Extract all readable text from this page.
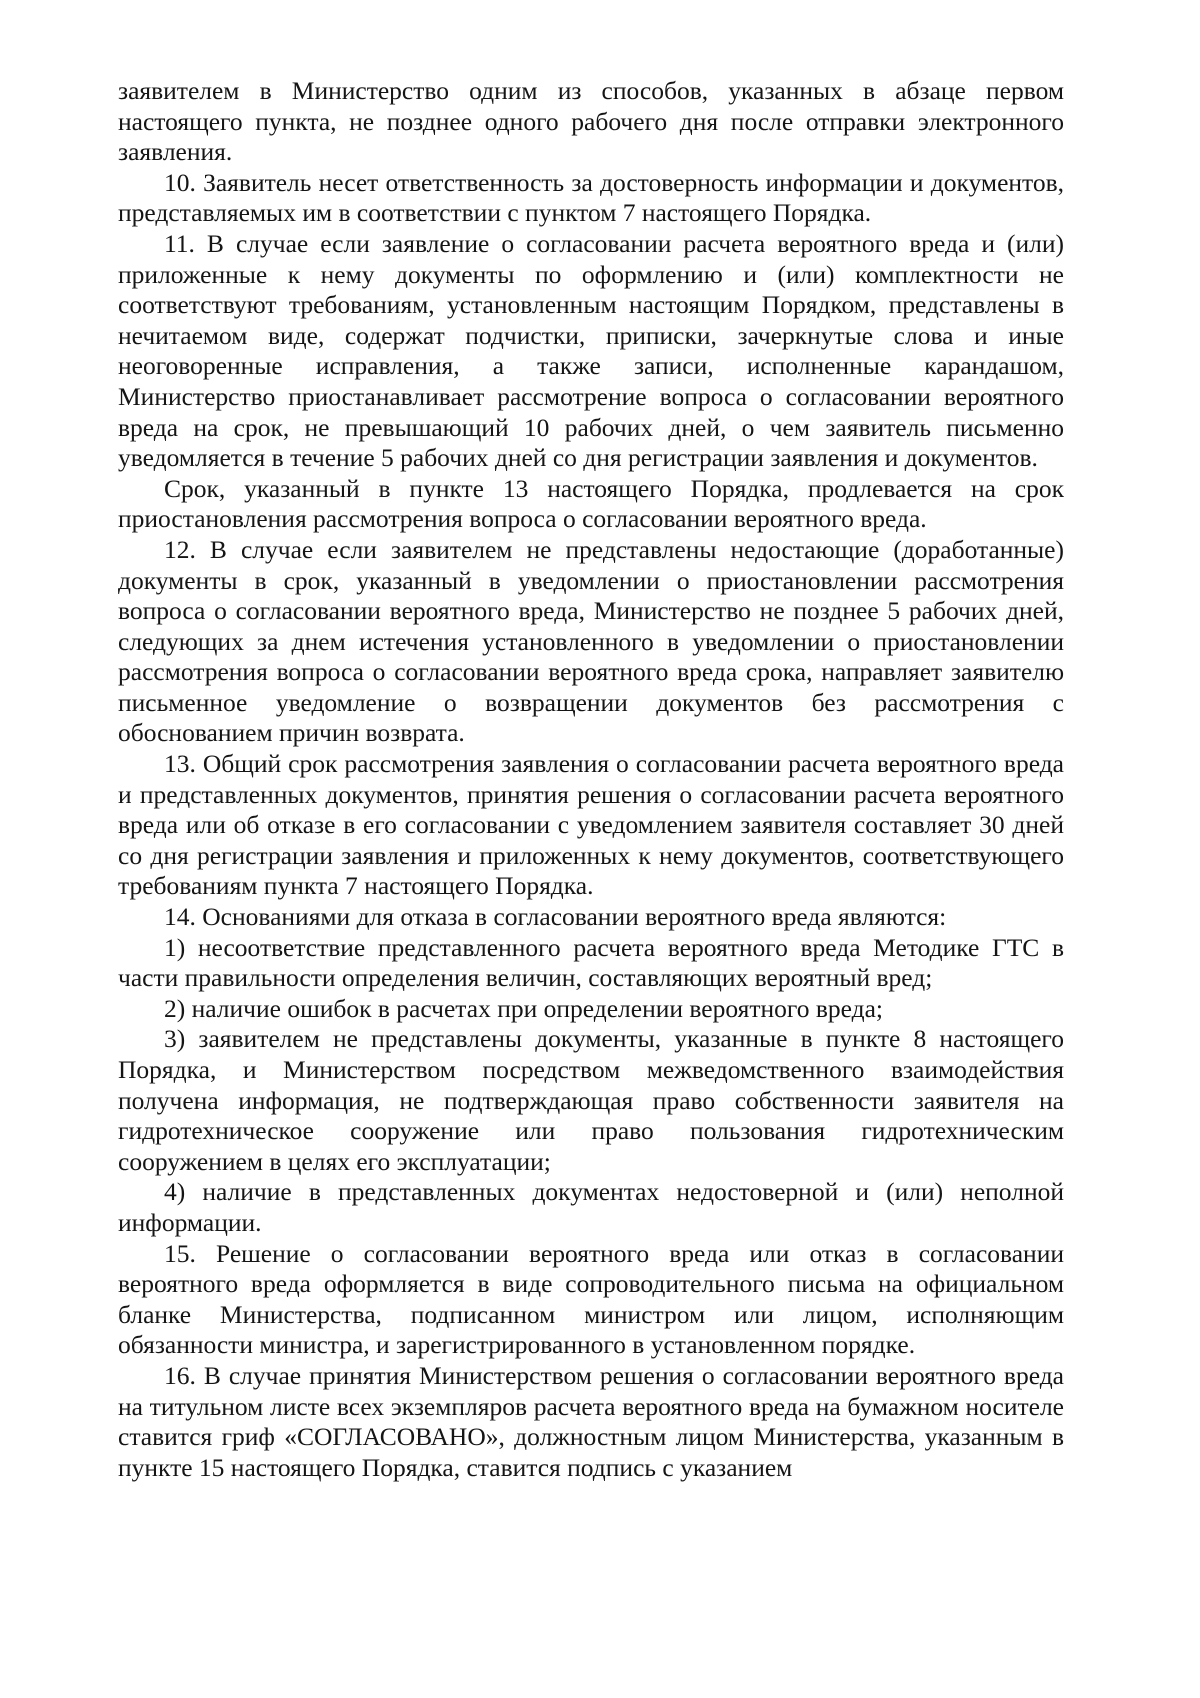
заявителем в Министерство одним из способов, указанных в абзаце первом настоящего пункта, не позднее одного рабочего дня после отправки электронного заявления.

10. Заявитель несет ответственность за достоверность информации и документов, представляемых им в соответствии с пунктом 7 настоящего Порядка.

11. В случае если заявление о согласовании расчета вероятного вреда и (или) приложенные к нему документы по оформлению и (или) комплектности не соответствуют требованиям, установленным настоящим Порядком, представлены в нечитаемом виде, содержат подчистки, приписки, зачеркнутые слова и иные неоговоренные исправления, а также записи, исполненные карандашом, Министерство приостанавливает рассмотрение вопроса о согласовании вероятного вреда на срок, не превышающий 10 рабочих дней, о чем заявитель письменно уведомляется в течение 5 рабочих дней со дня регистрации заявления и документов.

Срок, указанный в пункте 13 настоящего Порядка, продлевается на срок приостановления рассмотрения вопроса о согласовании вероятного вреда.

12. В случае если заявителем не представлены недостающие (доработанные) документы в срок, указанный в уведомлении о приостановлении рассмотрения вопроса о согласовании вероятного вреда, Министерство не позднее 5 рабочих дней, следующих за днем истечения установленного в уведомлении о приостановлении рассмотрения вопроса о согласовании вероятного вреда срока, направляет заявителю письменное уведомление о возвращении документов без рассмотрения с обоснованием причин возврата.

13. Общий срок рассмотрения заявления о согласовании расчета вероятного вреда и представленных документов, принятия решения о согласовании расчета вероятного вреда или об отказе в его согласовании с уведомлением заявителя составляет 30 дней со дня регистрации заявления и приложенных к нему документов, соответствующего требованиям пункта 7 настоящего Порядка.

14. Основаниями для отказа в согласовании вероятного вреда являются:

1) несоответствие представленного расчета вероятного вреда Методике ГТС в части правильности определения величин, составляющих вероятный вред;

2) наличие ошибок в расчетах при определении вероятного вреда;

3) заявителем не представлены документы, указанные в пункте 8 настоящего Порядка, и Министерством посредством межведомственного взаимодействия получена информация, не подтверждающая право собственности заявителя на гидротехническое сооружение или право пользования гидротехническим сооружением в целях его эксплуатации;

4) наличие в представленных документах недостоверной и (или) неполной информации.

15. Решение о согласовании вероятного вреда или отказ в согласовании вероятного вреда оформляется в виде сопроводительного письма на официальном бланке Министерства, подписанном министром или лицом, исполняющим обязанности министра, и зарегистрированного в установленном порядке.

16. В случае принятия Министерством решения о согласовании вероятного вреда на титульном листе всех экземпляров расчета вероятного вреда на бумажном носителе ставится гриф «СОГЛАСОВАНО», должностным лицом Министерства, указанным в пункте 15 настоящего Порядка, ставится подпись с указанием
